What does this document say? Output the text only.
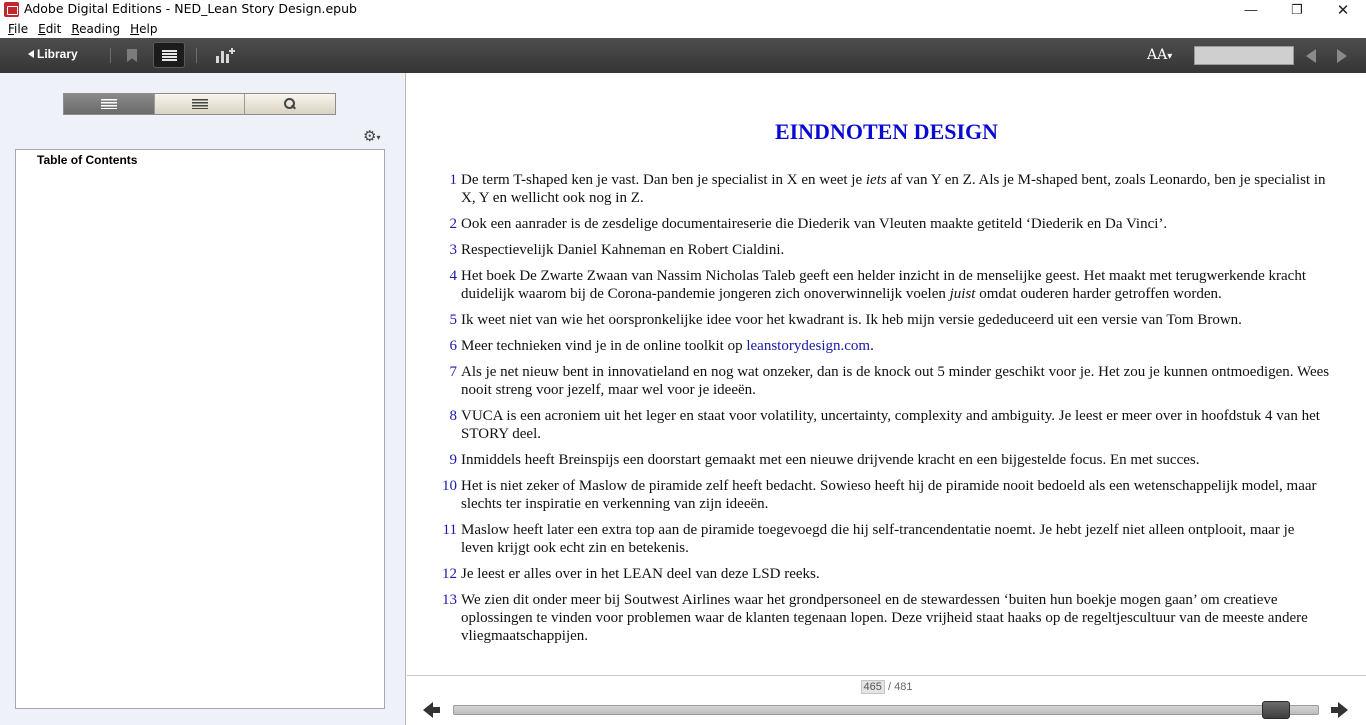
Adobe Digital Editions - NED_Lean Story Design.epub	—	❐	✕
File Edit Reading Help
Library	AA▾
⚙▾
Table of Contents
EINDNOTEN DESIGN
1 De term T-shaped ken je vast. Dan ben je specialist in X en weet je iets af van Y en Z. Als je M-shaped bent, zoals Leonardo, ben je specialist in X, Y en wellicht ook nog in Z.
2 Ook een aanrader is de zesdelige documentaireserie die Diederik van Vleuten maakte getiteld ‘Diederik en Da Vinci’.
3 Respectievelijk Daniel Kahneman en Robert Cialdini.
4 Het boek De Zwarte Zwaan van Nassim Nicholas Taleb geeft een helder inzicht in de menselijke geest. Het maakt met terugwerkende kracht duidelijk waarom bij de Corona-pandemie jongeren zich onoverwinnelijk voelen juist omdat ouderen harder getroffen worden.
5 Ik weet niet van wie het oorspronkelijke idee voor het kwadrant is. Ik heb mijn versie gededuceerd uit een versie van Tom Brown.
6 Meer technieken vind je in de online toolkit op leanstorydesign.com.
7 Als je net nieuw bent in innovatieland en nog wat onzeker, dan is de knock out 5 minder geschikt voor je. Het zou je kunnen ontmoedigen. Wees nooit streng voor jezelf, maar wel voor je ideeën.
8 VUCA is een acroniem uit het leger en staat voor volatility, uncertainty, complexity and ambiguity. Je leest er meer over in hoofdstuk 4 van het STORY deel.
9 Inmiddels heeft Breinspijs een doorstart gemaakt met een nieuwe drijvende kracht en een bijgestelde focus. En met succes.
10 Het is niet zeker of Maslow de piramide zelf heeft bedacht. Sowieso heeft hij de piramide nooit bedoeld als een wetenschappelijk model, maar slechts ter inspiratie en verkenning van zijn ideeën.
11 Maslow heeft later een extra top aan de piramide toegevoegd die hij self-trancendentatie noemt. Je hebt jezelf niet alleen ontplooit, maar je leven krijgt ook echt zin en betekenis.
12 Je leest er alles over in het LEAN deel van deze LSD reeks.
13 We zien dit onder meer bij Soutwest Airlines waar het grondpersoneel en de stewardessen ‘buiten hun boekje mogen gaan’ om creatieve oplossingen te vinden voor problemen waar de klanten tegenaan lopen. Deze vrijheid staat haaks op de regeltjescultuur van de meeste andere vliegmaatschappijen.
465 / 481
